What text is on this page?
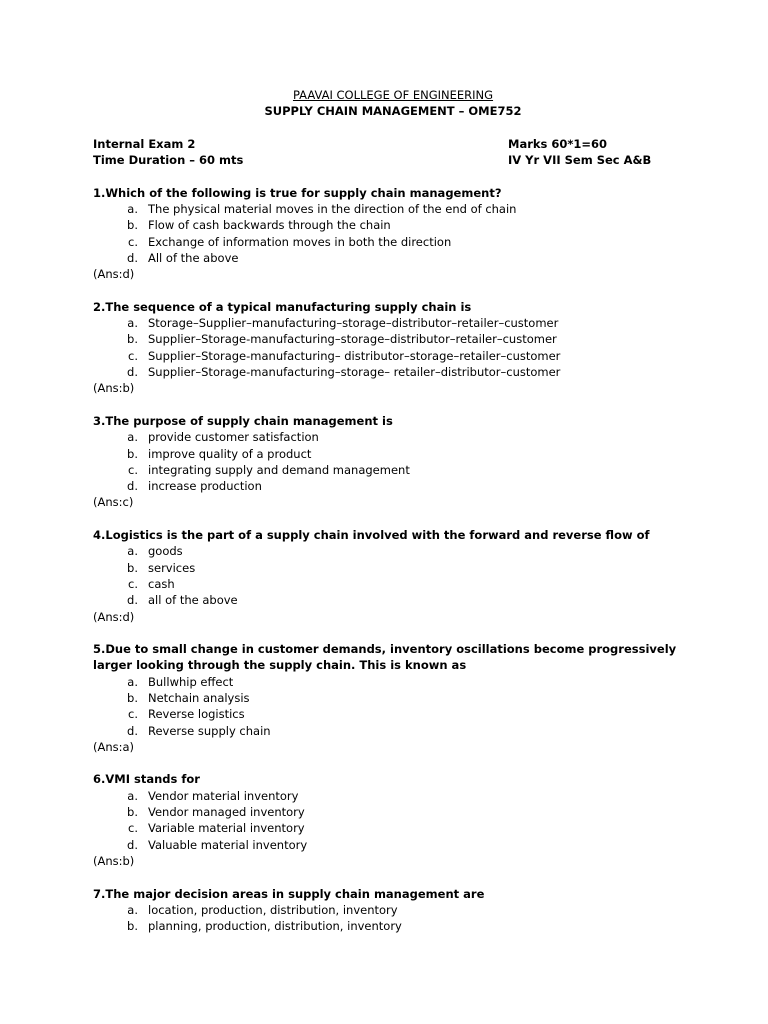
PAAVAI COLLEGE OF ENGINEERING
SUPPLY CHAIN MANAGEMENT – OME752
Internal Exam 2	Marks 60*1=60
Time Duration – 60 mts	IV Yr VII Sem Sec A&B
1.Which of the following is true for supply chain management?
a. The physical material moves in the direction of the end of chain
b. Flow of cash backwards through the chain
c. Exchange of information moves in both the direction
d. All of the above
(Ans:d)
2.The sequence of a typical manufacturing supply chain is
a. Storage–Supplier–manufacturing–storage–distributor–retailer–customer
b. Supplier–Storage-manufacturing–storage–distributor–retailer–customer
c. Supplier–Storage-manufacturing– distributor–storage–retailer–customer
d. Supplier–Storage-manufacturing–storage– retailer–distributor–customer
(Ans:b)
3.The purpose of supply chain management is
a. provide customer satisfaction
b. improve quality of a product
c. integrating supply and demand management
d. increase production
(Ans:c)
4.Logistics is the part of a supply chain involved with the forward and reverse flow of
a. goods
b. services
c. cash
d. all of the above
(Ans:d)
5.Due to small change in customer demands, inventory oscillations become progressively larger looking through the supply chain. This is known as
a. Bullwhip effect
b. Netchain analysis
c. Reverse logistics
d. Reverse supply chain
(Ans:a)
6.VMI stands for
a. Vendor material inventory
b. Vendor managed inventory
c. Variable material inventory
d. Valuable material inventory
(Ans:b)
7.The major decision areas in supply chain management are
a. location, production, distribution, inventory
b. planning, production, distribution, inventory
